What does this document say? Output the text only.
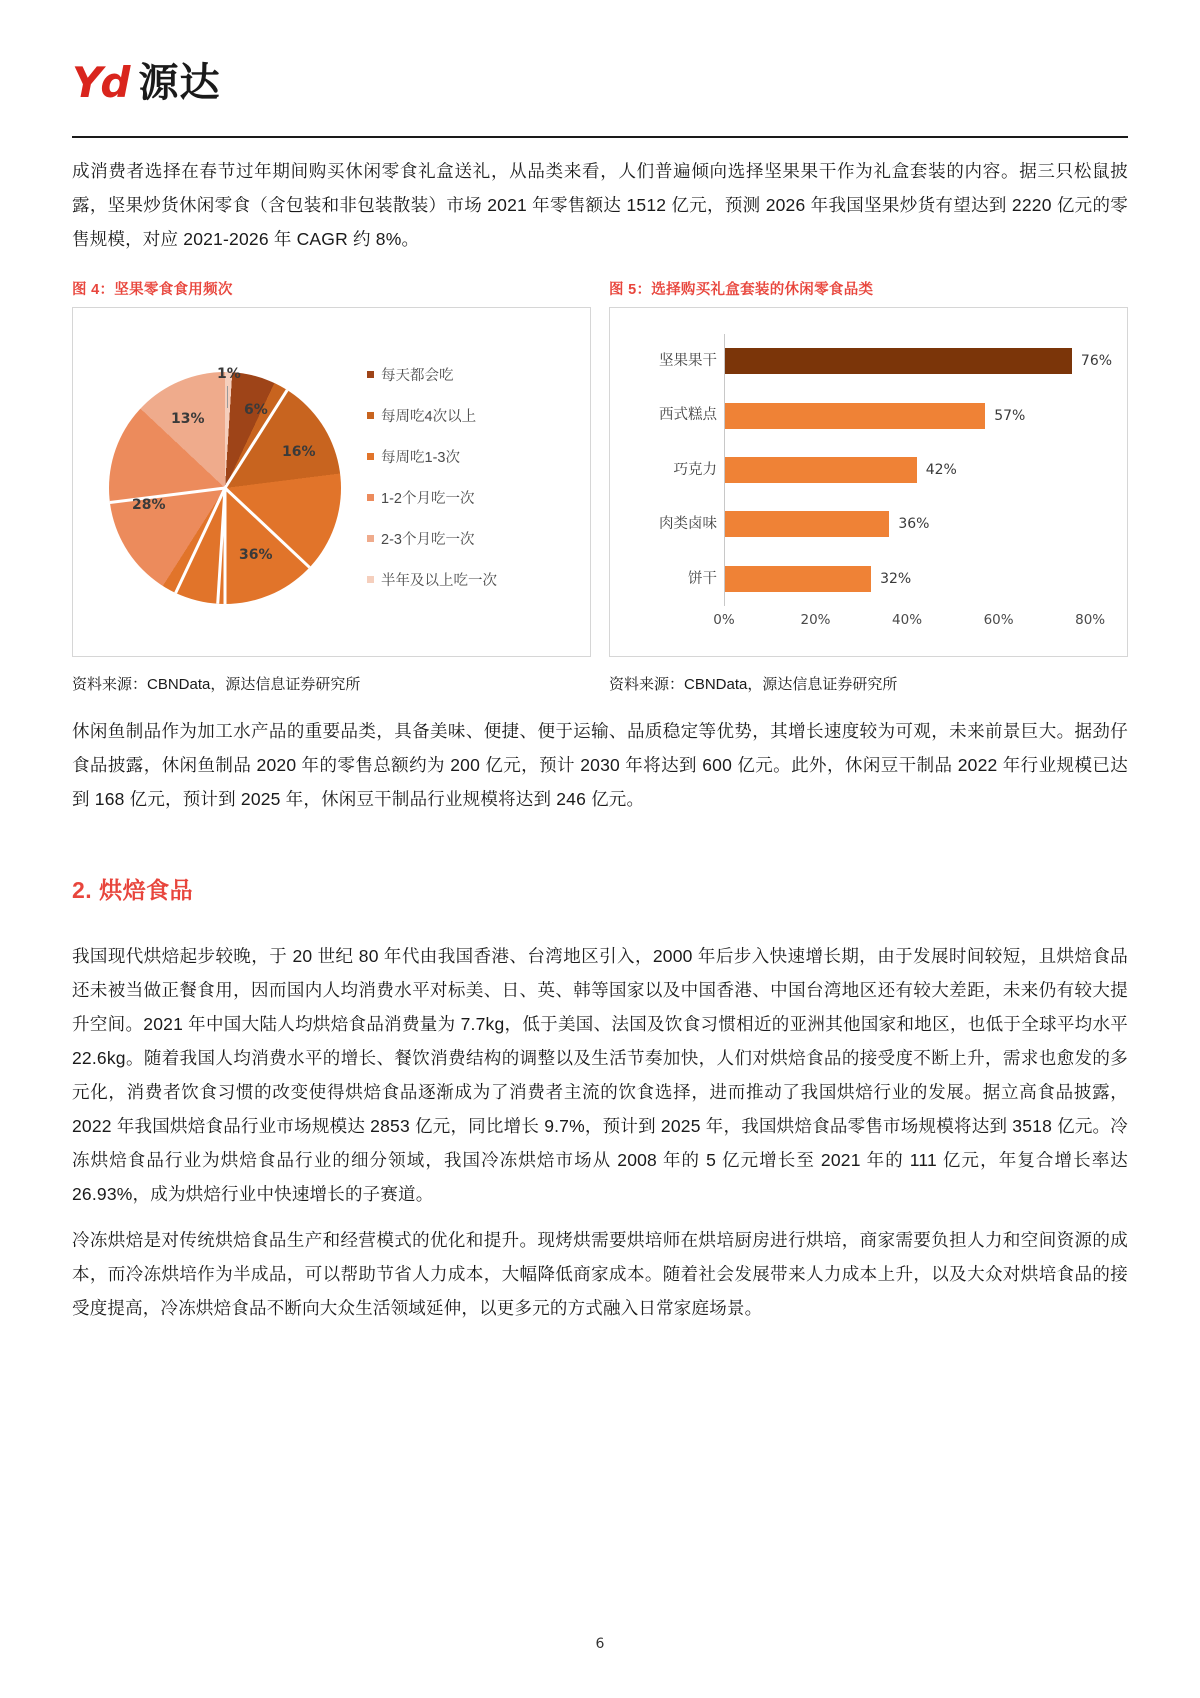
Yd 源达

成消费者选择在春节过年期间购买休闲零食礼盒送礼，从品类来看，人们普遍倾向选择坚果果干作为礼盒套装的内容。据三只松鼠披露，坚果炒货休闲零食（含包装和非包装散装）市场 2021 年零售额达 1512 亿元，预测 2026 年我国坚果炒货有望达到 2220 亿元的零售规模，对应 2021-2026 年 CAGR 约 8%。

图 4：坚果零食食用频次
1%
6%
16%
36%
28%
13%
每天都会吃
每周吃4次以上
每周吃1-3次
1-2个月吃一次
2-3个月吃一次
半年及以上吃一次
图 5：选择购买礼盒套装的休闲零食品类
坚果果干	76%
西式糕点	57%
巧克力	42%
肉类卤味	36%
饼干	32%
0%	20%	40%	60%	80%
资料来源：CBNData，源达信息证券研究所	资料来源：CBNData，源达信息证券研究所

休闲鱼制品作为加工水产品的重要品类，具备美味、便捷、便于运输、品质稳定等优势，其增长速度较为可观，未来前景巨大。据劲仔食品披露，休闲鱼制品 2020 年的零售总额约为 200 亿元，预计 2030 年将达到 600 亿元。此外，休闲豆干制品 2022 年行业规模已达到 168 亿元，预计到 2025 年，休闲豆干制品行业规模将达到 246 亿元。

2. 烘焙食品

我国现代烘焙起步较晚，于 20 世纪 80 年代由我国香港、台湾地区引入，2000 年后步入快速增长期，由于发展时间较短，且烘焙食品还未被当做正餐食用，因而国内人均消费水平对标美、日、英、韩等国家以及中国香港、中国台湾地区还有较大差距，未来仍有较大提升空间。2021 年中国大陆人均烘焙食品消费量为 7.7kg，低于美国、法国及饮食习惯相近的亚洲其他国家和地区，也低于全球平均水平 22.6kg。随着我国人均消费水平的增长、餐饮消费结构的调整以及生活节奏加快，人们对烘焙食品的接受度不断上升，需求也愈发的多元化，消费者饮食习惯的改变使得烘焙食品逐渐成为了消费者主流的饮食选择，进而推动了我国烘焙行业的发展。据立高食品披露，2022 年我国烘焙食品行业市场规模达 2853 亿元，同比增长 9.7%，预计到 2025 年，我国烘焙食品零售市场规模将达到 3518 亿元。冷冻烘焙食品行业为烘焙食品行业的细分领域，我国冷冻烘焙市场从 2008 年的 5 亿元增长至 2021 年的 111 亿元，年复合增长率达 26.93%，成为烘焙行业中快速增长的子赛道。

冷冻烘焙是对传统烘焙食品生产和经营模式的优化和提升。现烤烘需要烘培师在烘培厨房进行烘培，商家需要负担人力和空间资源的成本，而冷冻烘培作为半成品，可以帮助节省人力成本，大幅降低商家成本。随着社会发展带来人力成本上升，以及大众对烘培食品的接受度提高，冷冻烘焙食品不断向大众生活领域延伸，以更多元的方式融入日常家庭场景。

6
